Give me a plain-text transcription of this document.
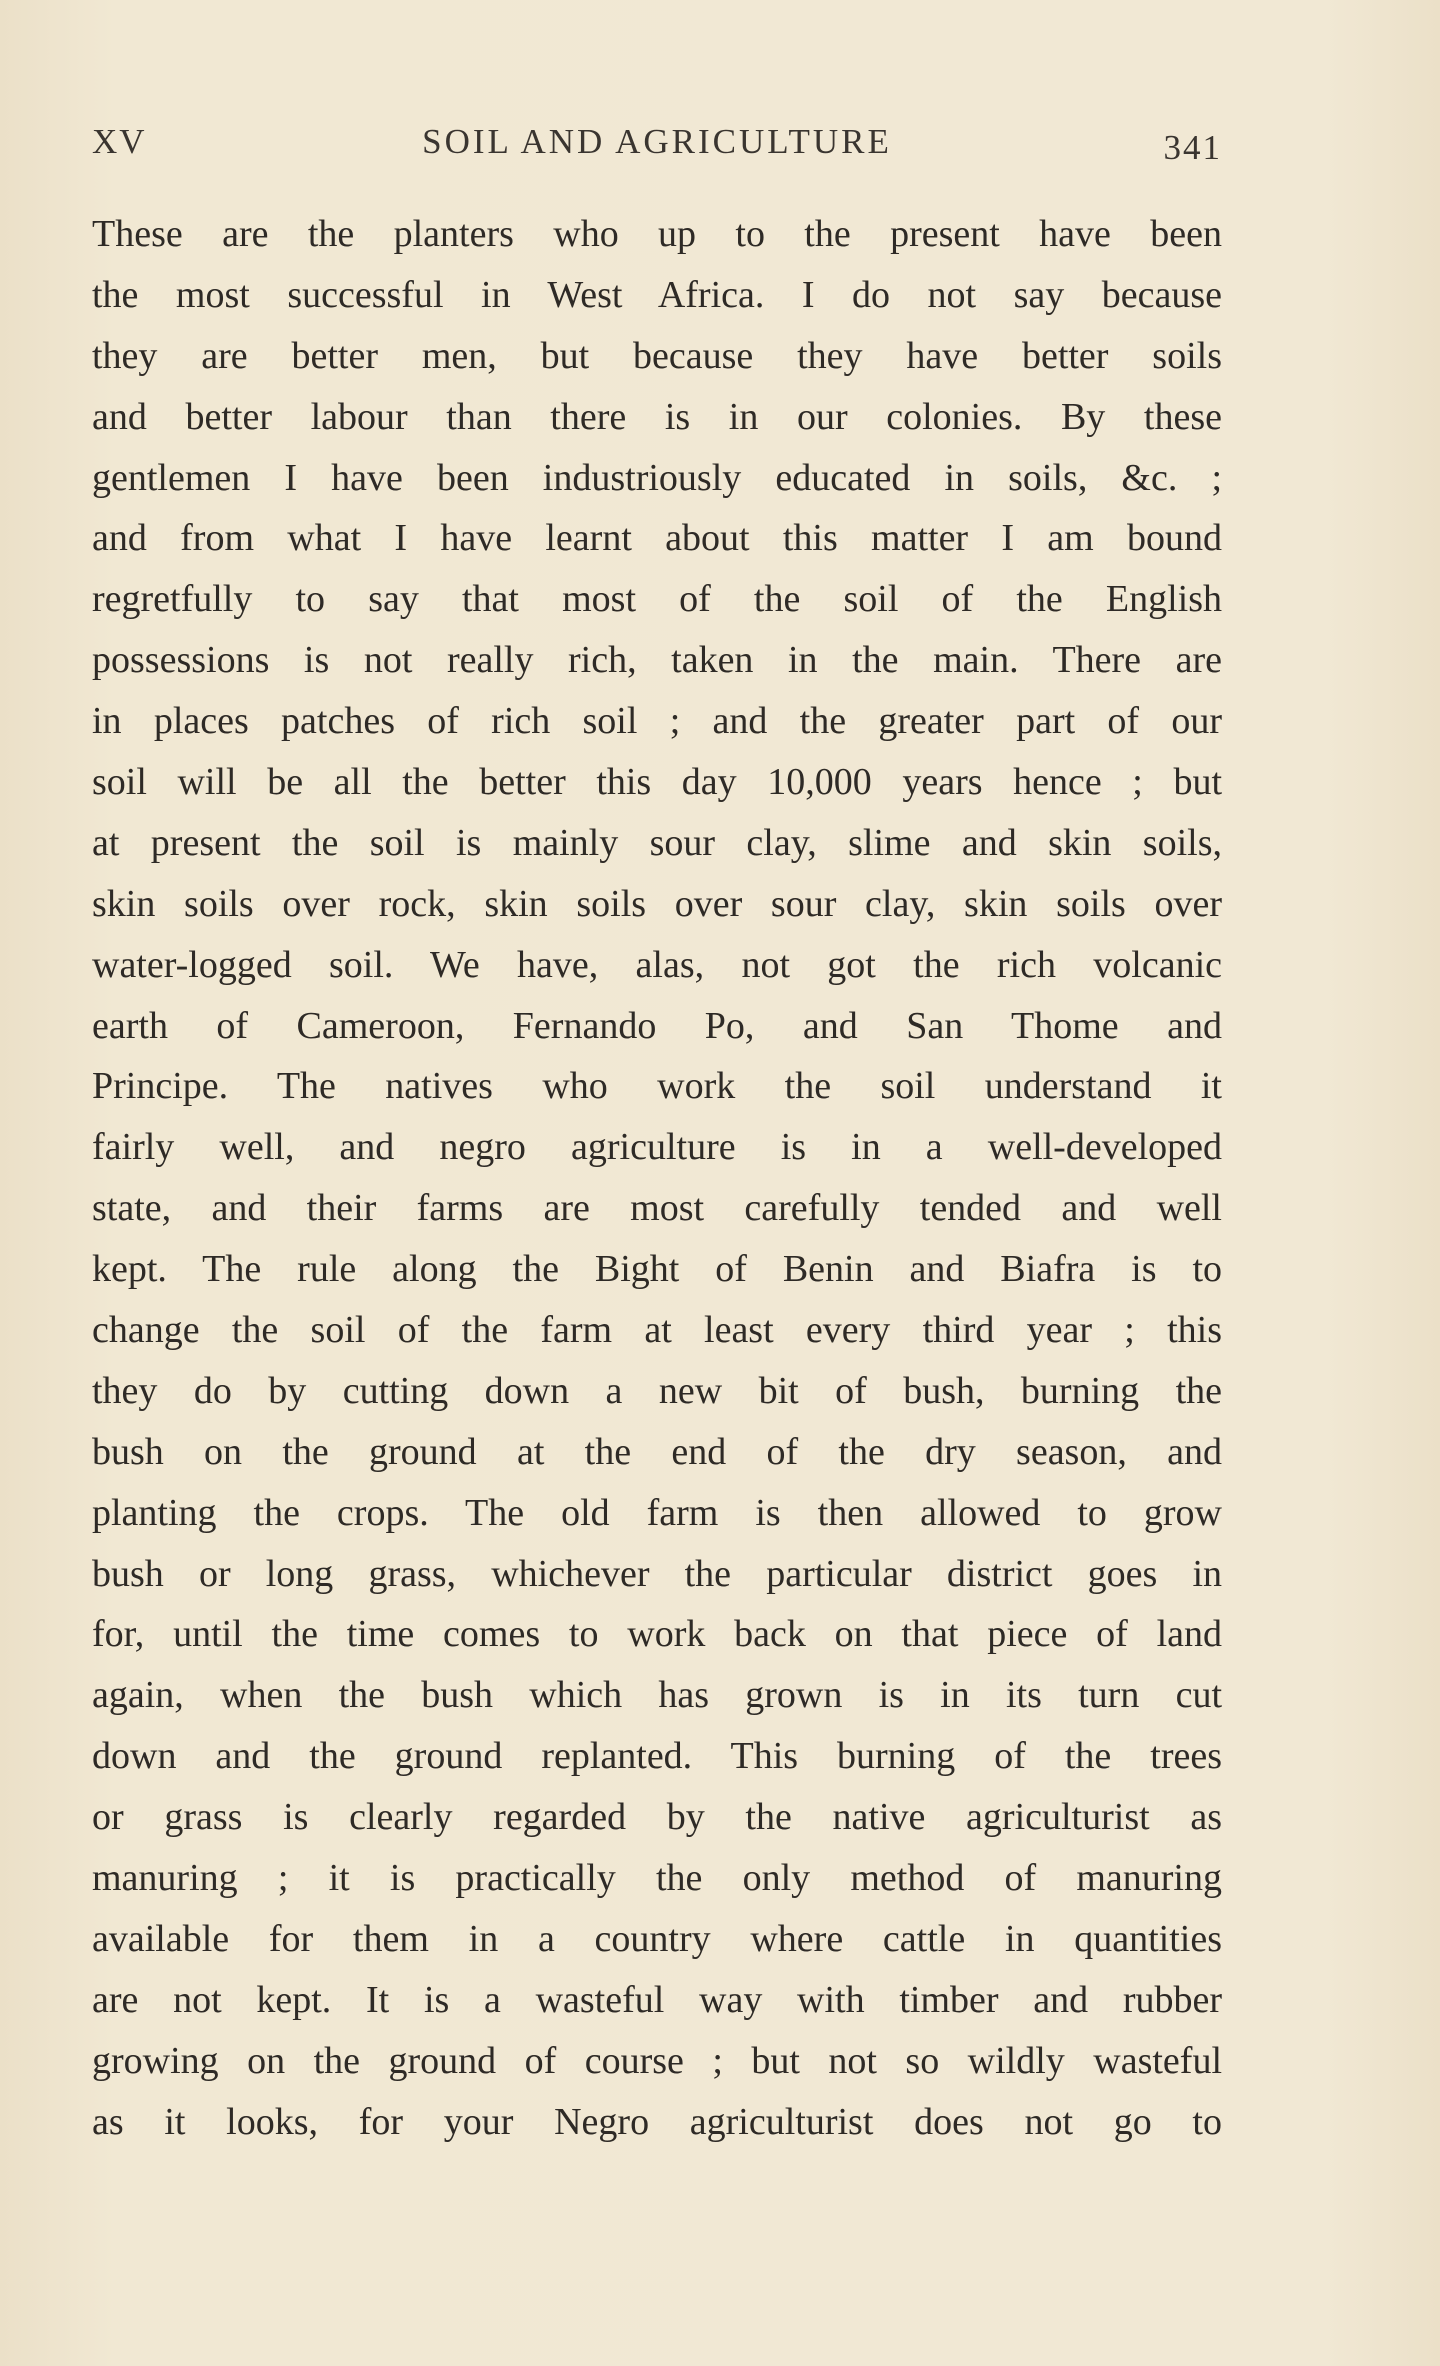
XV	SOIL AND AGRICULTURE	341
These are the planters who up to the present have been
the most successful in West Africa. I do not say because
they are better men, but because they have better soils
and better labour than there is in our colonies. By these
gentlemen I have been industriously educated in soils, &c. ;
and from what I have learnt about this matter I am bound
regretfully to say that most of the soil of the English
possessions is not really rich, taken in the main. There are
in places patches of rich soil ; and the greater part of our
soil will be all the better this day 10,000 years hence ; but
at present the soil is mainly sour clay, slime and skin soils,
skin soils over rock, skin soils over sour clay, skin soils over
water-logged soil. We have, alas, not got the rich volcanic
earth of Cameroon, Fernando Po, and San Thome and
Principe. The natives who work the soil understand it
fairly well, and negro agriculture is in a well-developed
state, and their farms are most carefully tended and well
kept. The rule along the Bight of Benin and Biafra is to
change the soil of the farm at least every third year ; this
they do by cutting down a new bit of bush, burning the
bush on the ground at the end of the dry season, and
planting the crops. The old farm is then allowed to grow
bush or long grass, whichever the particular district goes in
for, until the time comes to work back on that piece of land
again, when the bush which has grown is in its turn cut
down and the ground replanted. This burning of the trees
or grass is clearly regarded by the native agriculturist as
manuring ; it is practically the only method of manuring
available for them in a country where cattle in quantities
are not kept. It is a wasteful way with timber and rubber
growing on the ground of course ; but not so wildly wasteful
as it looks, for your Negro agriculturist does not go to
